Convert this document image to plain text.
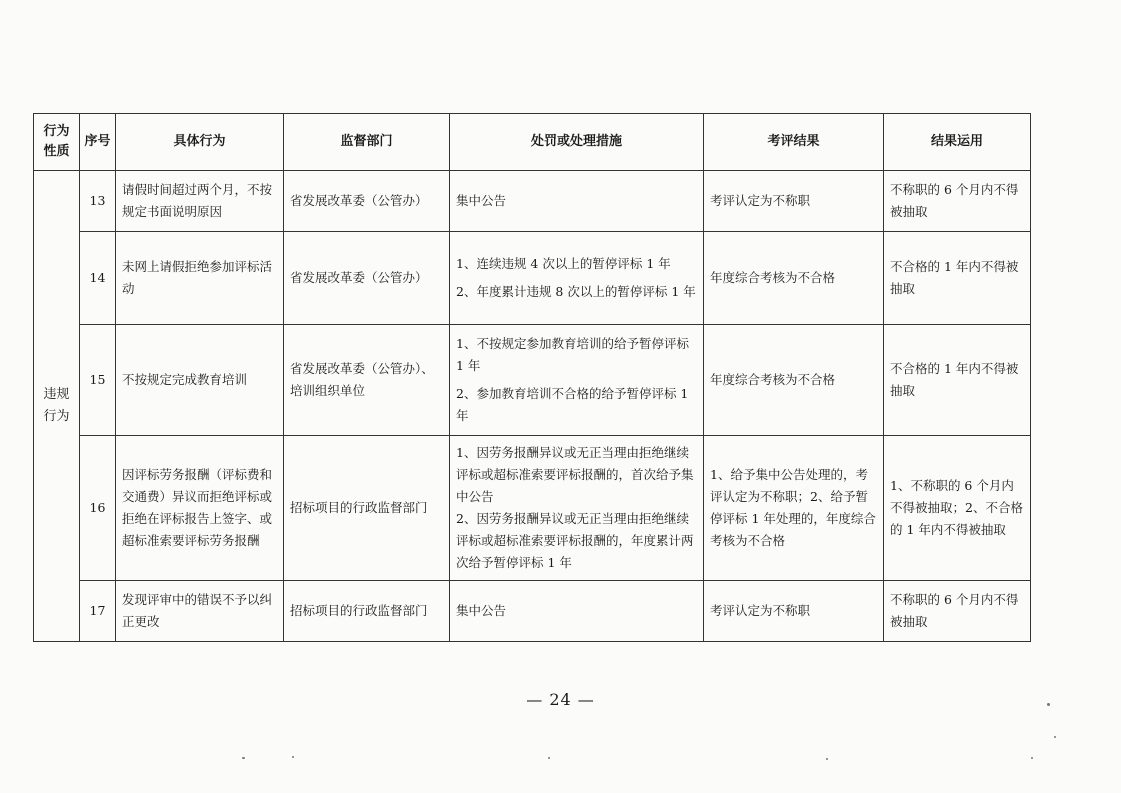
行为性质	序号	具体行为	监督部门	处罚或处理措施	考评结果	结果运用
违规行为	13	请假时间超过两个月，不按规定书面说明原因	省发展改革委（公管办）	集中公告	考评认定为不称职	不称职的 6 个月内不得被抽取
	14	未网上请假拒绝参加评标活动	省发展改革委（公管办）	1、连续违规 4 次以上的暂停评标 1 年

2、年度累计违规 8 次以上的暂停评标 1 年	年度综合考核为不合格	不合格的 1 年内不得被抽取
	15	不按规定完成教育培训	省发展改革委（公管办）、培训组织单位	1、不按规定参加教育培训的给予暂停评标 1 年

2、参加教育培训不合格的给予暂停评标 1 年	年度综合考核为不合格	不合格的 1 年内不得被抽取
	16	因评标劳务报酬（评标费和交通费）异议而拒绝评标或拒绝在评标报告上签字、或超标准索要评标劳务报酬	招标项目的行政监督部门	1、因劳务报酬异议或无正当理由拒绝继续评标或超标准索要评标报酬的，首次给予集中公告

2、因劳务报酬异议或无正当理由拒绝继续评标或超标准索要评标报酬的，年度累计两次给予暂停评标 1 年	1、给予集中公告处理的，考评认定为不称职；2、给予暂停评标 1 年处理的，年度综合考核为不合格	1、不称职的 6 个月内不得被抽取；2、不合格的 1 年内不得被抽取
	17	发现评审中的错误不予以纠正更改	招标项目的行政监督部门	集中公告	考评认定为不称职	不称职的 6 个月内不得被抽取
— 24 —
